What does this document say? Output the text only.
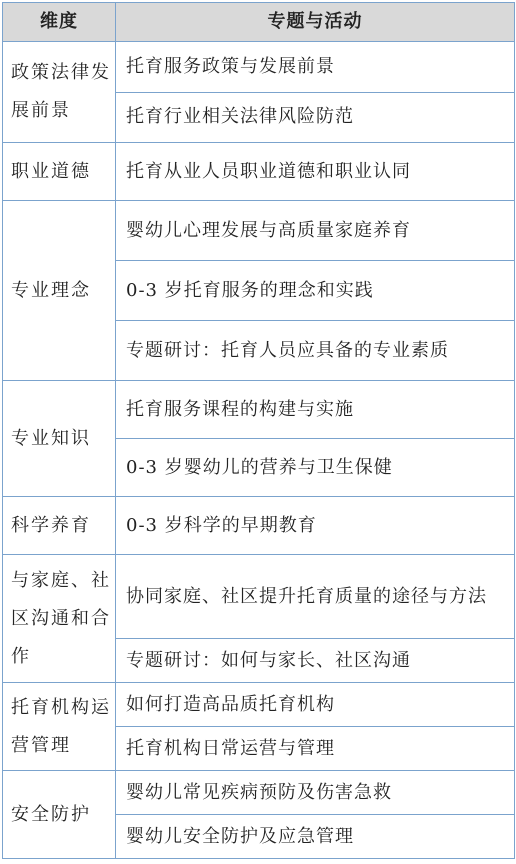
维度	专题与活动
政策法律发展前景	托育服务政策与发展前景
	托育行业相关法律风险防范
职业道德	托育从业人员职业道德和职业认同
专业理念	婴幼儿心理发展与高质量家庭养育
	0-3 岁托育服务的理念和实践
	专题研讨：托育人员应具备的专业素质
专业知识	托育服务课程的构建与实施
	0-3 岁婴幼儿的营养与卫生保健
科学养育	0-3 岁科学的早期教育
与家庭、社区沟通和合作	协同家庭、社区提升托育质量的途径与方法
	专题研讨：如何与家长、社区沟通
托育机构运营管理	如何打造高品质托育机构
	托育机构日常运营与管理
安全防护	婴幼儿常见疾病预防及伤害急救
	婴幼儿安全防护及应急管理
